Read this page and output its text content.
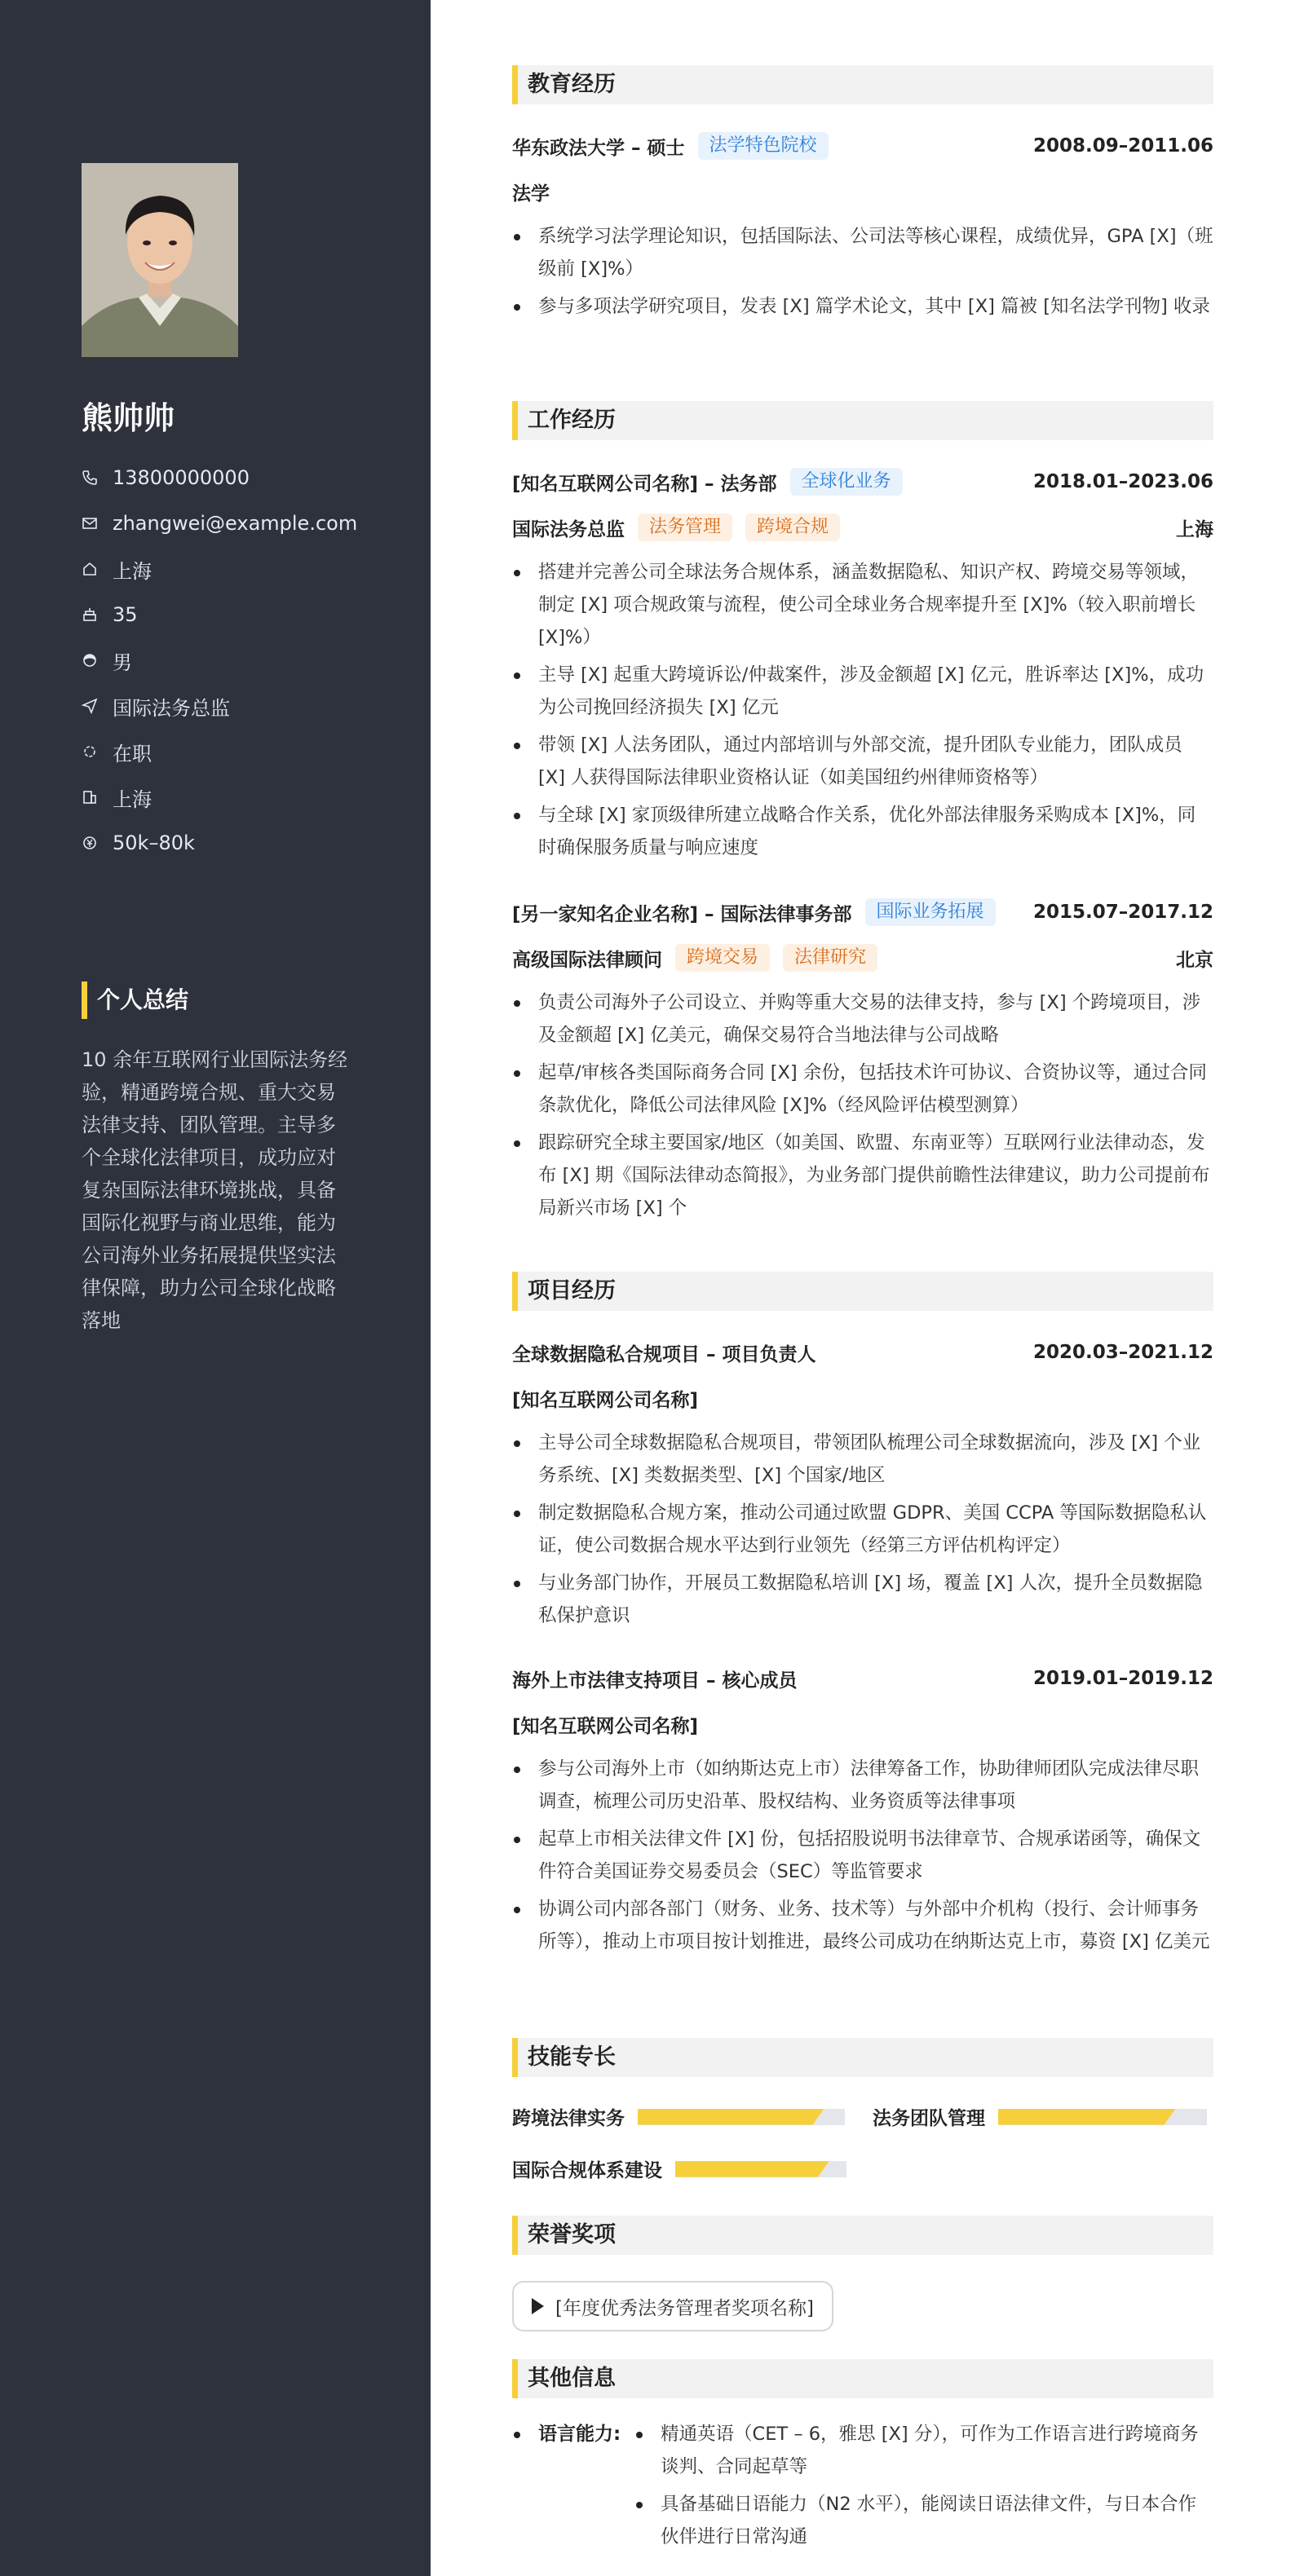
熊帅帅
13800000000
zhangwei@example.com
上海
35
男
国际法务总监
在职
上海
50k–80k
个人总结
10 余年互联网行业国际法务经验，精通跨境合规、重大交易法律支持、团队管理。主导多个全球化法律项目，成功应对复杂国际法律环境挑战，具备国际化视野与商业思维，能为公司海外业务拓展提供坚实法律保障，助力公司全球化战略落地
教育经历
华东政法大学 – 硕士	法学特色院校	2008.09–2011.06
法学
系统学习法学理论知识，包括国际法、公司法等核心课程，成绩优异，GPA [X]（班级前 [X]%）
参与多项法学研究项目，发表 [X] 篇学术论文，其中 [X] 篇被 [知名法学刊物] 收录
工作经历
[知名互联网公司名称] – 法务部	全球化业务	2018.01–2023.06
国际法务总监	法务管理	跨境合规	上海
搭建并完善公司全球法务合规体系，涵盖数据隐私、知识产权、跨境交易等领域，制定 [X] 项合规政策与流程，使公司全球业务合规率提升至 [X]%（较入职前增长 [X]%）
主导 [X] 起重大跨境诉讼/仲裁案件，涉及金额超 [X] 亿元，胜诉率达 [X]%，成功为公司挽回经济损失 [X] 亿元
带领 [X] 人法务团队，通过内部培训与外部交流，提升团队专业能力，团队成员 [X] 人获得国际法律职业资格认证（如美国纽约州律师资格等）
与全球 [X] 家顶级律所建立战略合作关系，优化外部法律服务采购成本 [X]%，同时确保服务质量与响应速度
[另一家知名企业名称] – 国际法律事务部	国际业务拓展	2015.07–2017.12
高级国际法律顾问	跨境交易	法律研究	北京
负责公司海外子公司设立、并购等重大交易的法律支持，参与 [X] 个跨境项目，涉及金额超 [X] 亿美元，确保交易符合当地法律与公司战略
起草/审核各类国际商务合同 [X] 余份，包括技术许可协议、合资协议等，通过合同条款优化，降低公司法律风险 [X]%（经风险评估模型测算）
跟踪研究全球主要国家/地区（如美国、欧盟、东南亚等）互联网行业法律动态，发布 [X] 期《国际法律动态简报》，为业务部门提供前瞻性法律建议，助力公司提前布局新兴市场 [X] 个
项目经历
全球数据隐私合规项目 – 项目负责人	2020.03–2021.12
[知名互联网公司名称]
主导公司全球数据隐私合规项目，带领团队梳理公司全球数据流向，涉及 [X] 个业务系统、[X] 类数据类型、[X] 个国家/地区
制定数据隐私合规方案，推动公司通过欧盟 GDPR、美国 CCPA 等国际数据隐私认证，使公司数据合规水平达到行业领先（经第三方评估机构评定）
与业务部门协作，开展员工数据隐私培训 [X] 场，覆盖 [X] 人次，提升全员数据隐私保护意识
海外上市法律支持项目 – 核心成员	2019.01–2019.12
[知名互联网公司名称]
参与公司海外上市（如纳斯达克上市）法律筹备工作，协助律师团队完成法律尽职调查，梳理公司历史沿革、股权结构、业务资质等法律事项
起草上市相关法律文件 [X] 份，包括招股说明书法律章节、合规承诺函等，确保文件符合美国证券交易委员会（SEC）等监管要求
协调公司内部各部门（财务、业务、技术等）与外部中介机构（投行、会计师事务所等），推动上市项目按计划推进，最终公司成功在纳斯达克上市，募资 [X] 亿美元
技能专长
跨境法律实务	法务团队管理
国际合规体系建设
荣誉奖项
[年度优秀法务管理者奖项名称]
其他信息
语言能力:	精通英语（CET – 6，雅思 [X] 分），可作为工作语言进行跨境商务谈判、合同起草等
具备基础日语能力（N2 水平），能阅读日语法律文件，与日本合作伙伴进行日常沟通
